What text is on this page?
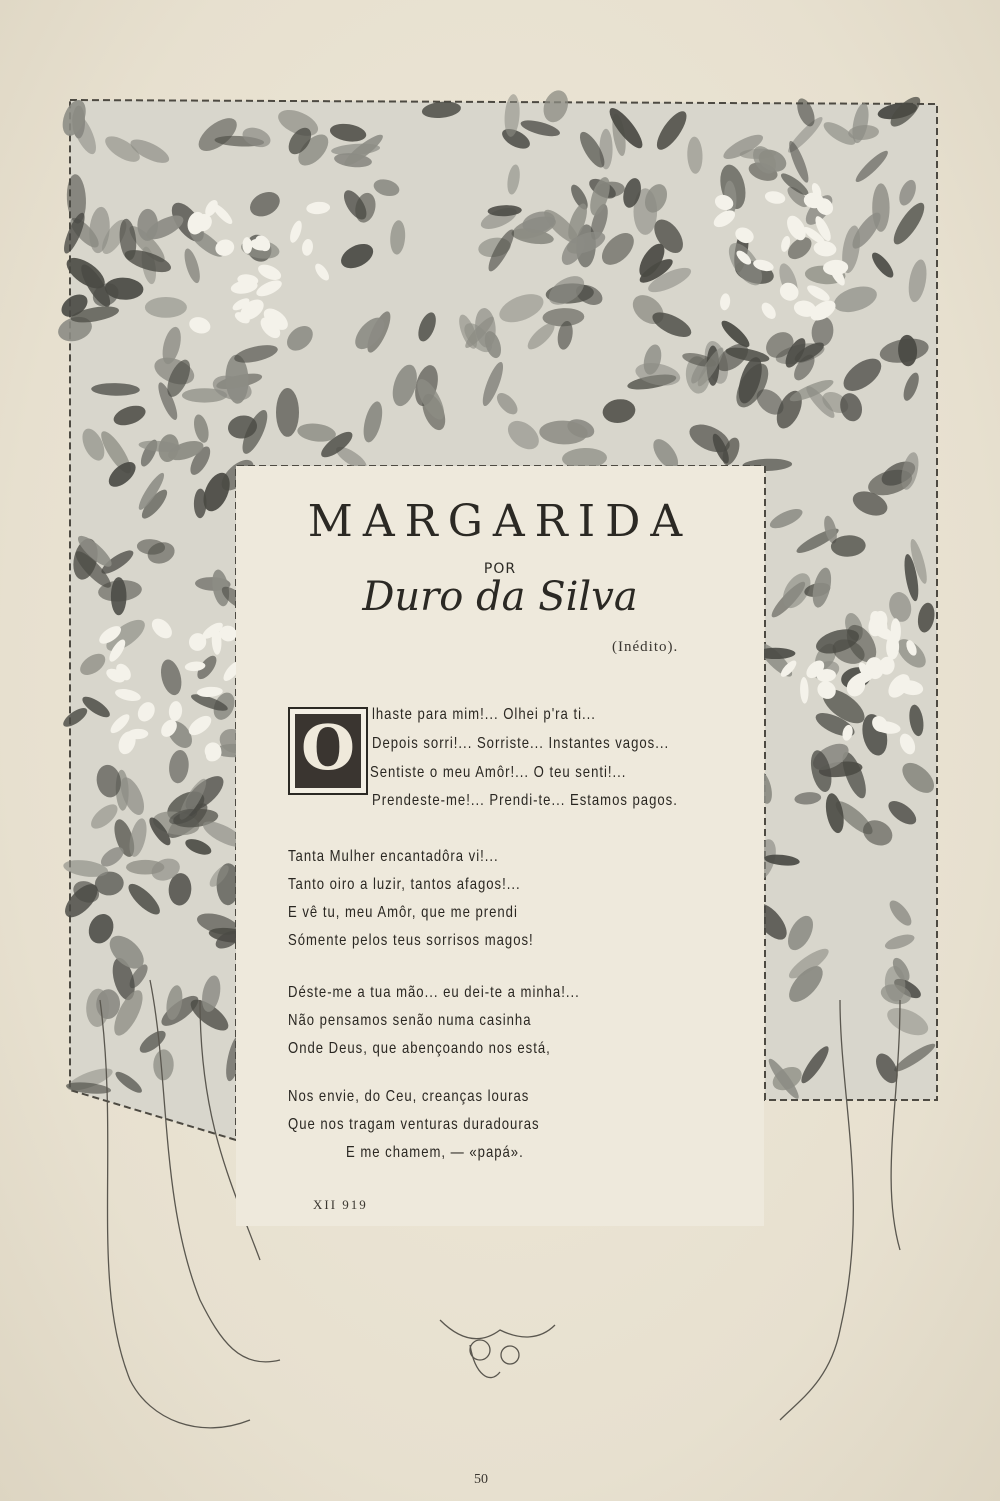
MARGARIDA
POR
Duro da Silva
(Inédito).
O	lhaste para mim!... Olhei p'ra ti...
Depois sorri!... Sorriste... Instantes vagos...
Sentiste o meu Amôr!... O teu senti!...
Prendeste-me!... Prendi-te... Estamos pagos.
Tanta Mulher encantadôra vi!...
Tanto oiro a luzir, tantos afagos!...
E vê tu, meu Amôr, que me prendi
Sómente pelos teus sorrisos magos!
Déste-me a tua mão... eu dei-te a minha!...
Não pensamos senão numa casinha
Onde Deus, que abençoando nos está,
Nos envie, do Ceu, creanças louras
Que nos tragam venturas duradouras
E me chamem, — «papá».
XII 919
50
